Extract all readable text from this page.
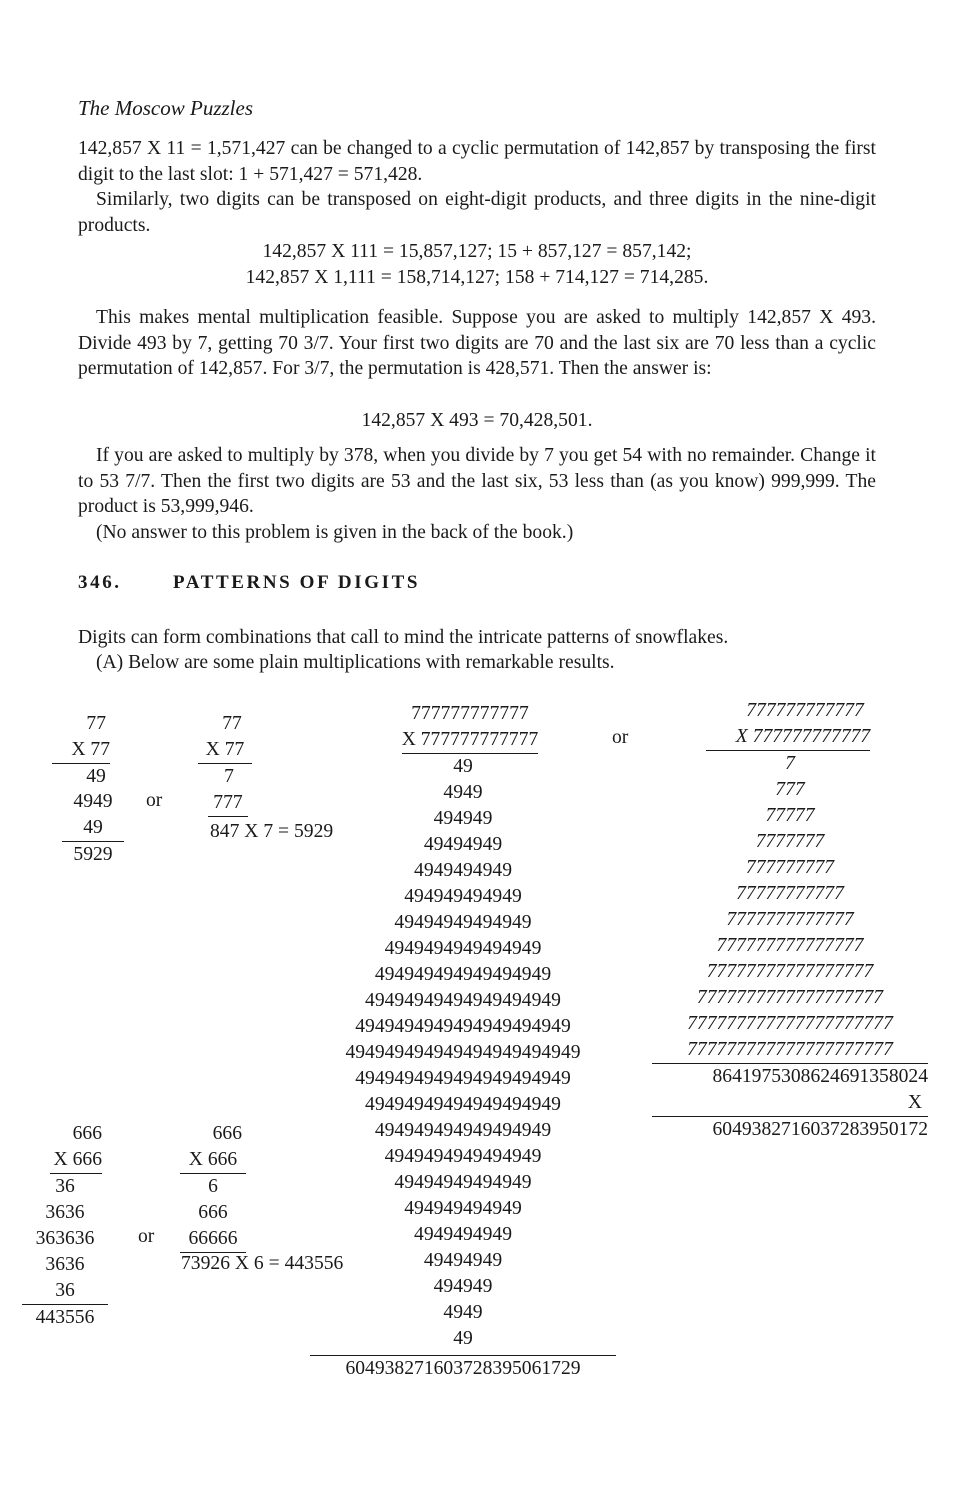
The Moscow Puzzles
142,857 X 11 = 1,571,427 can be changed to a cyclic permutation of 142,857 by transposing the first digit to the last slot: 1 + 571,427 = 571,428.
Similarly, two digits can be transposed on eight-digit products, and three digits in the nine-digit products.
142,857 X 111 = 15,857,127; 15 + 857,127 = 857,142;
142,857 X 1,111 = 158,714,127; 158 + 714,127 = 714,285.
This makes mental multiplication feasible. Suppose you are asked to multiply 142,857 X 493. Divide 493 by 7, getting 70 3/7. Your first two digits are 70 and the last six are 70 less than a cyclic permutation of 142,857. For 3/7, the permutation is 428,571. Then the answer is:
142,857 X 493 = 70,428,501.
If you are asked to multiply by 378, when you divide by 7 you get 54 with no remainder. Change it to 53 7/7. Then the first two digits are 53 and the last six, 53 less than (as you know) 999,999. The product is 53,999,946.
(No answer to this problem is given in the back of the book.)
346.	PATTERNS OF DIGITS
Digits can form combinations that call to mind the intricate patterns of snowflakes.
(A) Below are some plain multiplications with remarkable results.
77
X 77
49
4949
49
5929
or
77
X 77
7
777
847 X 7 = 5929
777777777777
X 777777777777
49
4949
494949
49494949
4949494949
494949494949
49494949494949
4949494949494949
494949494949494949
49494949494949494949
4949494949494949494949
494949494949494949494949
4949494949494949494949
49494949494949494949
494949494949494949
4949494949494949
49494949494949
494949494949
4949494949
49494949
494949
4949
49
604938271603728395061729
or
777777777777
X 777777777777
7
777
77777
7777777
777777777
77777777777
7777777777777
777777777777777
77777777777777777
7777777777777777777
777777777777777777777
777777777777777777777
8641975308624691358024
X
6049382716037283950172
666
X 666
36
3636
363636
3636
36
443556
or
666
X 666
6
666
66666
73926 X 6 = 443556
